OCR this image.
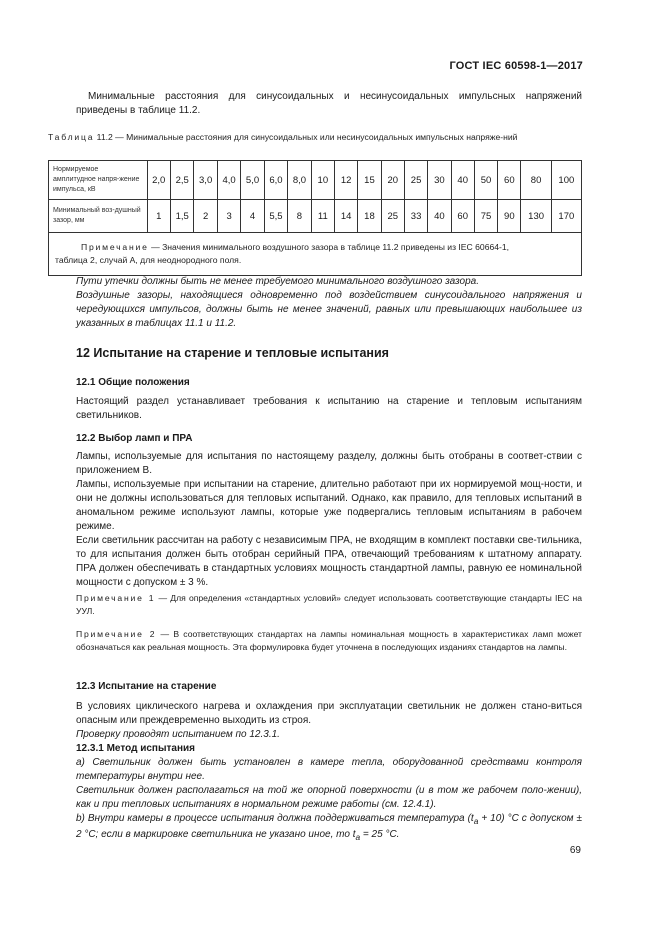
ГОСТ IEC 60598-1—2017

Минимальные расстояния для синусоидальных и несинусоидальных импульсных напряжений приведены в таблице 11.2.

Таблица 11.2 — Минимальные расстояния для синусоидальных или несинусоидальных импульсных напряже-ний
Нормируемое амплитудное напря-жение импульса, кВ	2,0	2,5	3,0	4,0	5,0	6,0	8,0	10	12	15	20	25	30	40	50	60	80	100
Минимальный воз-душный зазор, мм	1	1,5	2	3	4	5,5	8	11	14	18	25	33	40	60	75	90	130	170
Примечание — Значения минимального воздушного зазора в таблице 11.2 приведены из IEC 60664-1,
таблица 2, случай А, для неоднородного поля.																		

Пути утечки должны быть не менее требуемого минимального воздушного зазора.

Воздушные зазоры, находящиеся одновременно под воздействием синусоидального напряжения и чередующихся импульсов, должны быть не менее значений, равных или превышающих наибольшее из указанных в таблицах 11.1 и 11.2.

12 Испытание на старение и тепловые испытания
12.1 Общие положения

Настоящий раздел устанавливает требования к испытанию на старение и тепловым испытаниям светильников.

12.2 Выбор ламп и ПРА

Лампы, используемые для испытания по настоящему разделу, должны быть отобраны в соответ-ствии с приложением В.

Лампы, используемые при испытании на старение, длительно работают при их нормируемой мощ-ности, и они не должны использоваться для тепловых испытаний. Однако, как правило, для тепловых испытаний в аномальном режиме используют лампы, которые уже подвергались тепловым испытаниям в рабочем режиме.

Если светильник рассчитан на работу с независимым ПРА, не входящим в комплект поставки све-тильника, то для испытания должен быть отобран серийный ПРА, отвечающий требованиям к штатному аппарату. ПРА должен обеспечивать в стандартных условиях мощность стандартной лампы, равную ее номинальной мощности с допуском ± 3 %.

Примечание 1 — Для определения «стандартных условий» следует использовать соответствующие стандарты IEC на УУЛ.
Примечание 2 — В соответствующих стандартах на лампы номинальная мощность в характеристиках ламп может обозначаться как реальная мощность. Эта формулировка будет уточнена в последующих изданиях стандартов на лампы.
12.3 Испытание на старение

В условиях циклического нагрева и охлаждения при эксплуатации светильник не должен стано-виться опасным или преждевременно выходить из строя.

Проверку проводят испытанием по 12.3.1.

12.3.1 Метод испытания

a) Светильник должен быть установлен в камере тепла, оборудованной средствами контроля температуры внутри нее.

Светильник должен располагаться на той же опорной поверхности (и в том же рабочем поло-жении), как и при тепловых испытаниях в нормальном режиме работы (см. 12.4.1).

b) Внутри камеры в процессе испытания должна поддерживаться температура $(t_a + 10)$ °С с допуском ± 2 °С; если в маркировке светильника не указано иное, то $t_a = 25$ °С.

69
